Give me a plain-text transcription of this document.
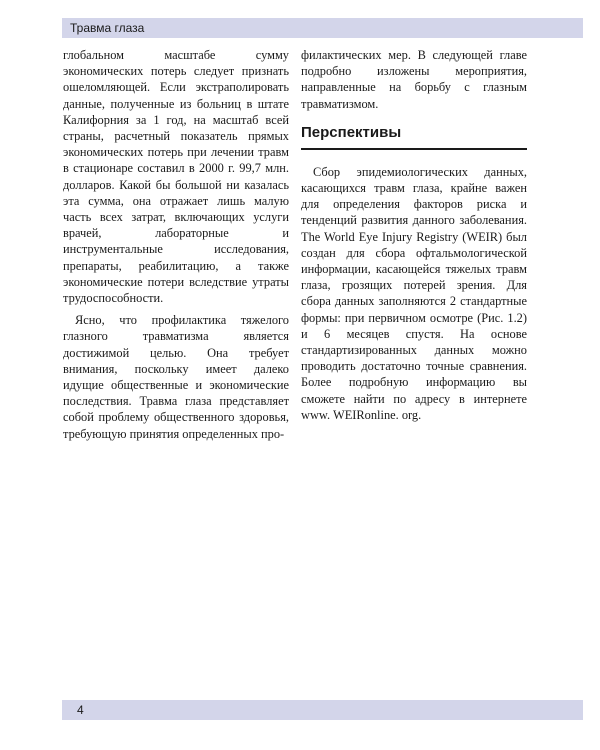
Травма глаза

глобальном масштабе сумму экономических потерь следует признать ошеломляющей. Если экстраполировать данные, полученные из больниц в штате Калифорния за 1 год, на масштаб всей страны, расчетный показатель прямых экономических потерь при лечении травм в стационаре составил в 2000 г. 99,7 млн. долларов. Какой бы большой ни казалась эта сумма, она отражает лишь малую часть всех затрат, включающих услуги врачей, лабораторные и инструментальные исследования, препараты, реабилитацию, а также экономические потери вследствие утраты трудоспособности.

Ясно, что профилактика тяжелого глазного травматизма является достижимой целью. Она требует внимания, поскольку имеет далеко идущие общественные и экономические последствия. Травма глаза представляет собой проблему общественного здоровья, требующую принятия определенных про-

филактических мер. В следующей главе подробно изложены мероприятия, направленные на борьбу с глазным травматизмом.

Перспективы

Сбор эпидемиологических данных, касающихся травм глаза, крайне важен для определения факторов риска и тенденций развития данного заболевания. The World Eye Injury Registry (WEIR) был создан для сбора офтальмологической информации, касающейся тяжелых травм глаза, грозящих потерей зрения. Для сбора данных заполняются 2 стандартные формы: при первичном осмотре (Рис. 1.2) и 6 месяцев спустя. На основе стандартизированных данных можно проводить достаточно точные сравнения. Более подробную информацию вы сможете найти по адресу в интернете www. WEIRonline. org.

4
